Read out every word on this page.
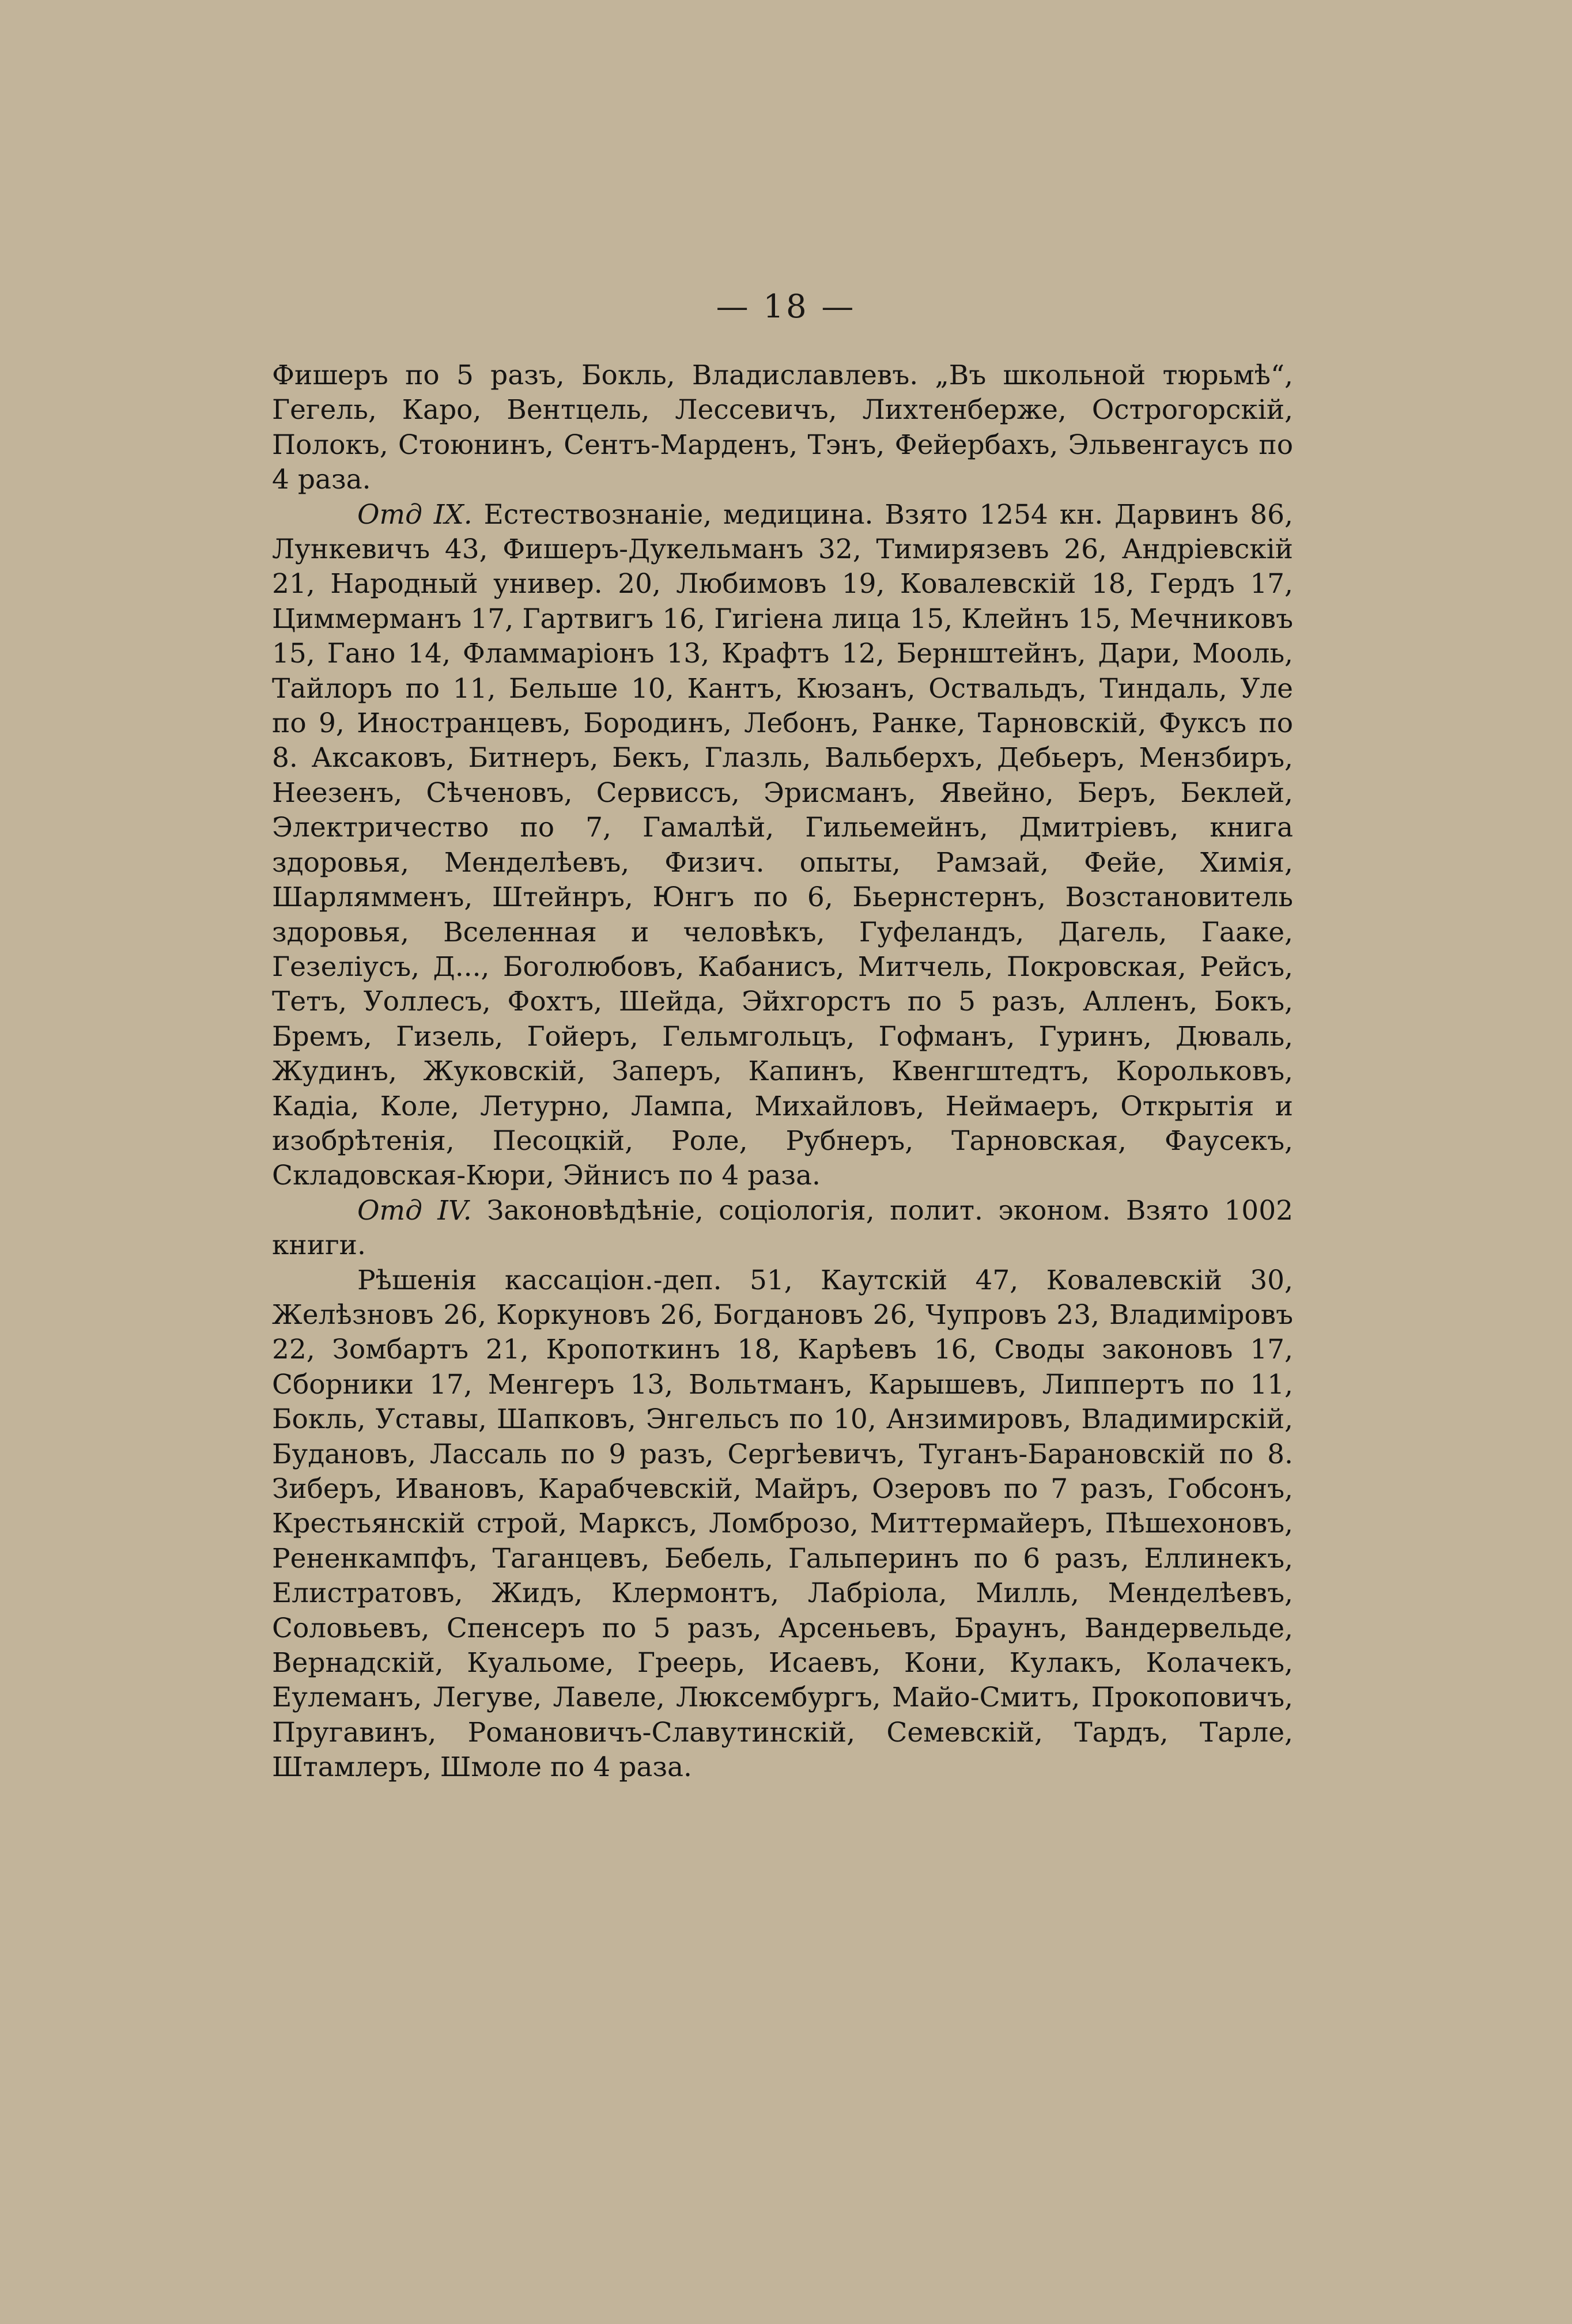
— 18 —

Фишеръ по 5 разъ, Бокль, Владиславлевъ. „Въ школьной тюрьмѣ“, Гегель, Каро, Вентцель, Лессевичъ, Лихтенберже, Острогорскій, Полокъ, Стоюнинъ, Сентъ-Марденъ, Тэнъ, Фейербахъ, Эльвенгаусъ по 4 раза.

Отд IX. Естествознаніе, медицина. Взято 1254 кн. Дарвинъ 86, Лункевичъ 43, Фишеръ-Дукельманъ 32, Тимирязевъ 26, Андріевскій 21, Народный универ. 20, Любимовъ 19, Ковалевскій 18, Гердъ 17, Циммерманъ 17, Гартвигъ 16, Гигіена лица 15, Клейнъ 15, Мечниковъ 15, Гано 14, Фламмаріонъ 13, Крафтъ 12, Бернштейнъ, Дари, Мооль, Тайлоръ по 11, Бельше 10, Кантъ, Кюзанъ, Оствальдъ, Тиндаль, Уле по 9, Иностранцевъ, Бородинъ, Лебонъ, Ранке, Тарновскій, Фуксъ по 8. Аксаковъ, Битнеръ, Бекъ, Глазль, Вальберхъ, Дебьеръ, Мензбиръ, Неезенъ, Сѣченовъ, Сервиссъ, Эрисманъ, Явейно, Беръ, Беклей, Электричество по 7, Гамалѣй, Гильемейнъ, Дмитріевъ, книга здоровья, Менделѣевъ, Физич. опыты, Рамзай, Фейе, Химія, Шарлямменъ, Штейнръ, Юнгъ по 6, Бьернстернъ, Возстановитель здоровья, Вселенная и человѣкъ, Гуфеландъ, Дагель, Гааке, Гезеліусъ, Д..., Боголюбовъ, Кабанисъ, Митчель, Покровская, Рейсъ, Тетъ, Уоллесъ, Фохтъ, Шейда, Эйхгорстъ по 5 разъ, Алленъ, Бокъ, Бремъ, Гизель, Гойеръ, Гельмгольцъ, Гофманъ, Гуринъ, Дюваль, Жудинъ, Жуковскій, Заперъ, Капинъ, Квенгштедтъ, Корольковъ, Кадіа, Коле, Летурно, Лампа, Михайловъ, Неймаеръ, Открытія и изобрѣтенія, Песоцкій, Роле, Рубнеръ, Тарновская, Фаусекъ, Складовская-Кюри, Эйнисъ по 4 раза.

Отд IV. Законовѣдѣніе, соціологія, полит. эконом. Взято 1002 книги.

Рѣшенія кассаціон.-деп. 51, Каутскій 47, Ковалевскій 30, Желѣзновъ 26, Коркуновъ 26, Богдановъ 26, Чупровъ 23, Владиміровъ 22, Зомбартъ 21, Кропоткинъ 18, Карѣевъ 16, Своды законовъ 17, Сборники 17, Менгеръ 13, Вольтманъ, Карышевъ, Липпертъ по 11, Бокль, Уставы, Шапковъ, Энгельсъ по 10, Анзимировъ, Владимирскій, Будановъ, Лассаль по 9 разъ, Сергѣевичъ, Туганъ-Барановскій по 8. Зиберъ, Ивановъ, Карабчевскій, Майръ, Озеровъ по 7 разъ, Гобсонъ, Крестьянскій строй, Марксъ, Ломброзо, Миттермайеръ, Пѣшехоновъ, Рененкампфъ, Таганцевъ, Бебель, Гальперинъ по 6 разъ, Еллинекъ, Елистратовъ, Жидъ, Клермонтъ, Лабріола, Милль, Менделѣевъ, Соловьевъ, Спенсеръ по 5 разъ, Арсеньевъ, Браунъ, Вандервельде, Вернадскій, Куальоме, Греерь, Исаевъ, Кони, Кулакъ, Колачекъ, Еулеманъ, Легуве, Лавеле, Люксембургъ, Майо-Смитъ, Прокоповичъ, Пругавинъ, Романовичъ-Славутинскій, Семевскій, Тардъ, Тарле, Штамлеръ, Шмоле по 4 раза.
